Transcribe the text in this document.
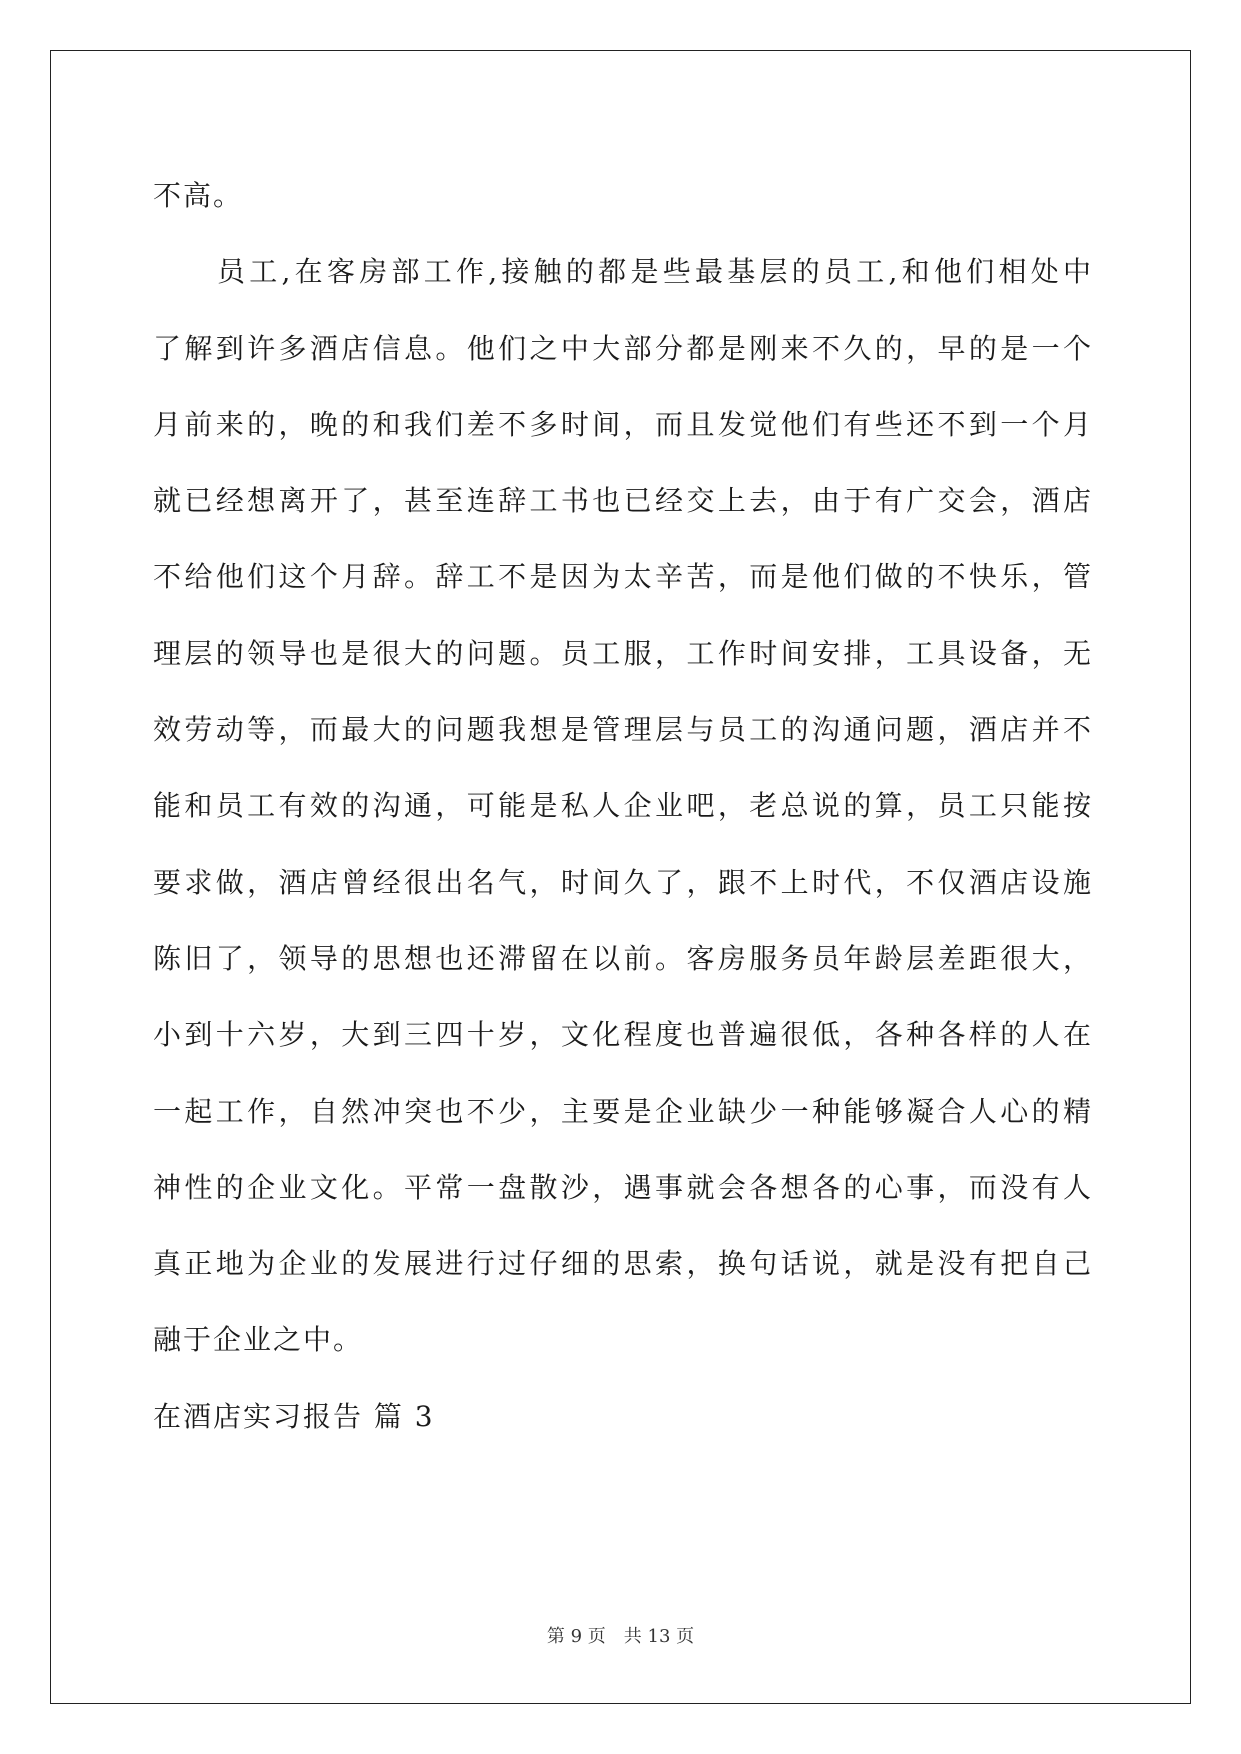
不高。
员工,在客房部工作,接触的都是些最基层的员工,和他们相处中
了解到许多酒店信息。他们之中大部分都是刚来不久的，早的是一个
月前来的，晚的和我们差不多时间，而且发觉他们有些还不到一个月
就已经想离开了，甚至连辞工书也已经交上去，由于有广交会，酒店
不给他们这个月辞。辞工不是因为太辛苦，而是他们做的不快乐，管
理层的领导也是很大的问题。员工服，工作时间安排，工具设备，无
效劳动等，而最大的问题我想是管理层与员工的沟通问题，酒店并不
能和员工有效的沟通，可能是私人企业吧，老总说的算，员工只能按
要求做，酒店曾经很出名气，时间久了，跟不上时代，不仅酒店设施
陈旧了，领导的思想也还滞留在以前。客房服务员年龄层差距很大，
小到十六岁，大到三四十岁，文化程度也普遍很低，各种各样的人在
一起工作，自然冲突也不少，主要是企业缺少一种能够凝合人心的精
神性的企业文化。平常一盘散沙，遇事就会各想各的心事，而没有人
真正地为企业的发展进行过仔细的思索，换句话说，就是没有把自己
融于企业之中。
在酒店实习报告 篇 3
第 9 页　共 13 页
